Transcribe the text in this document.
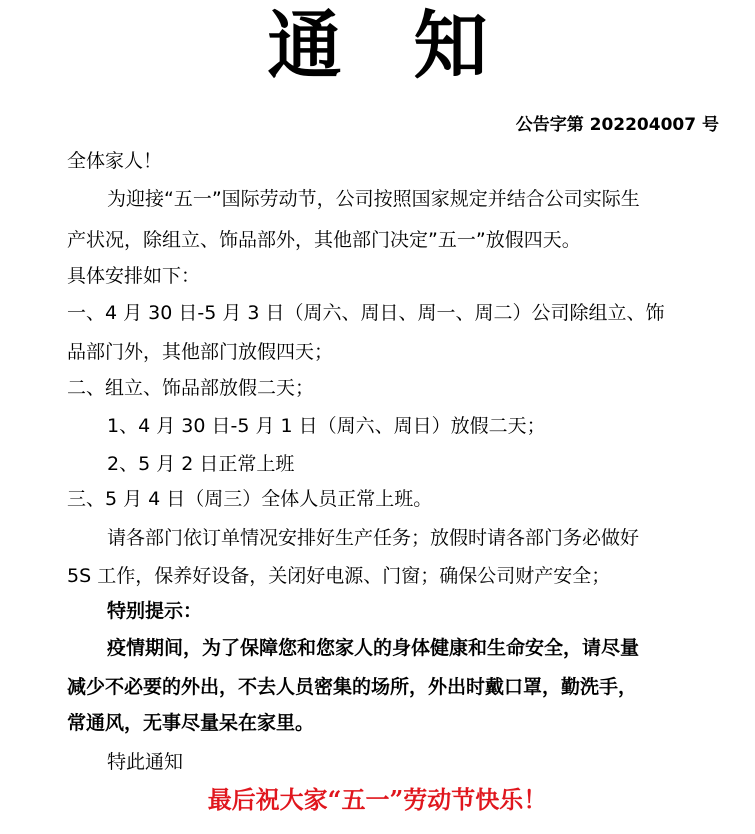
通 知
公告字第 202204007 号
全体家人！
为迎接“五一”国际劳动节，公司按照国家规定并结合公司实际生
产状况，除组立、饰品部外，其他部门决定”五一”放假四天。
具体安排如下：
一、4 月 30 日-5 月 3 日（周六、周日、周一、周二）公司除组立、饰
品部门外，其他部门放假四天；
二、组立、饰品部放假二天；
1、4 月 30 日-5 月 1 日（周六、周日）放假二天；
2、5 月 2 日正常上班
三、5 月 4 日（周三）全体人员正常上班。
请各部门依订单情况安排好生产任务；放假时请各部门务必做好
5S 工作，保养好设备，关闭好电源、门窗；确保公司财产安全；
特别提示：
疫情期间，为了保障您和您家人的身体健康和生命安全，请尽量
减少不必要的外出，不去人员密集的场所，外出时戴口罩，勤洗手，
常通风，无事尽量呆在家里。
特此通知
最后祝大家“五一”劳动节快乐！
